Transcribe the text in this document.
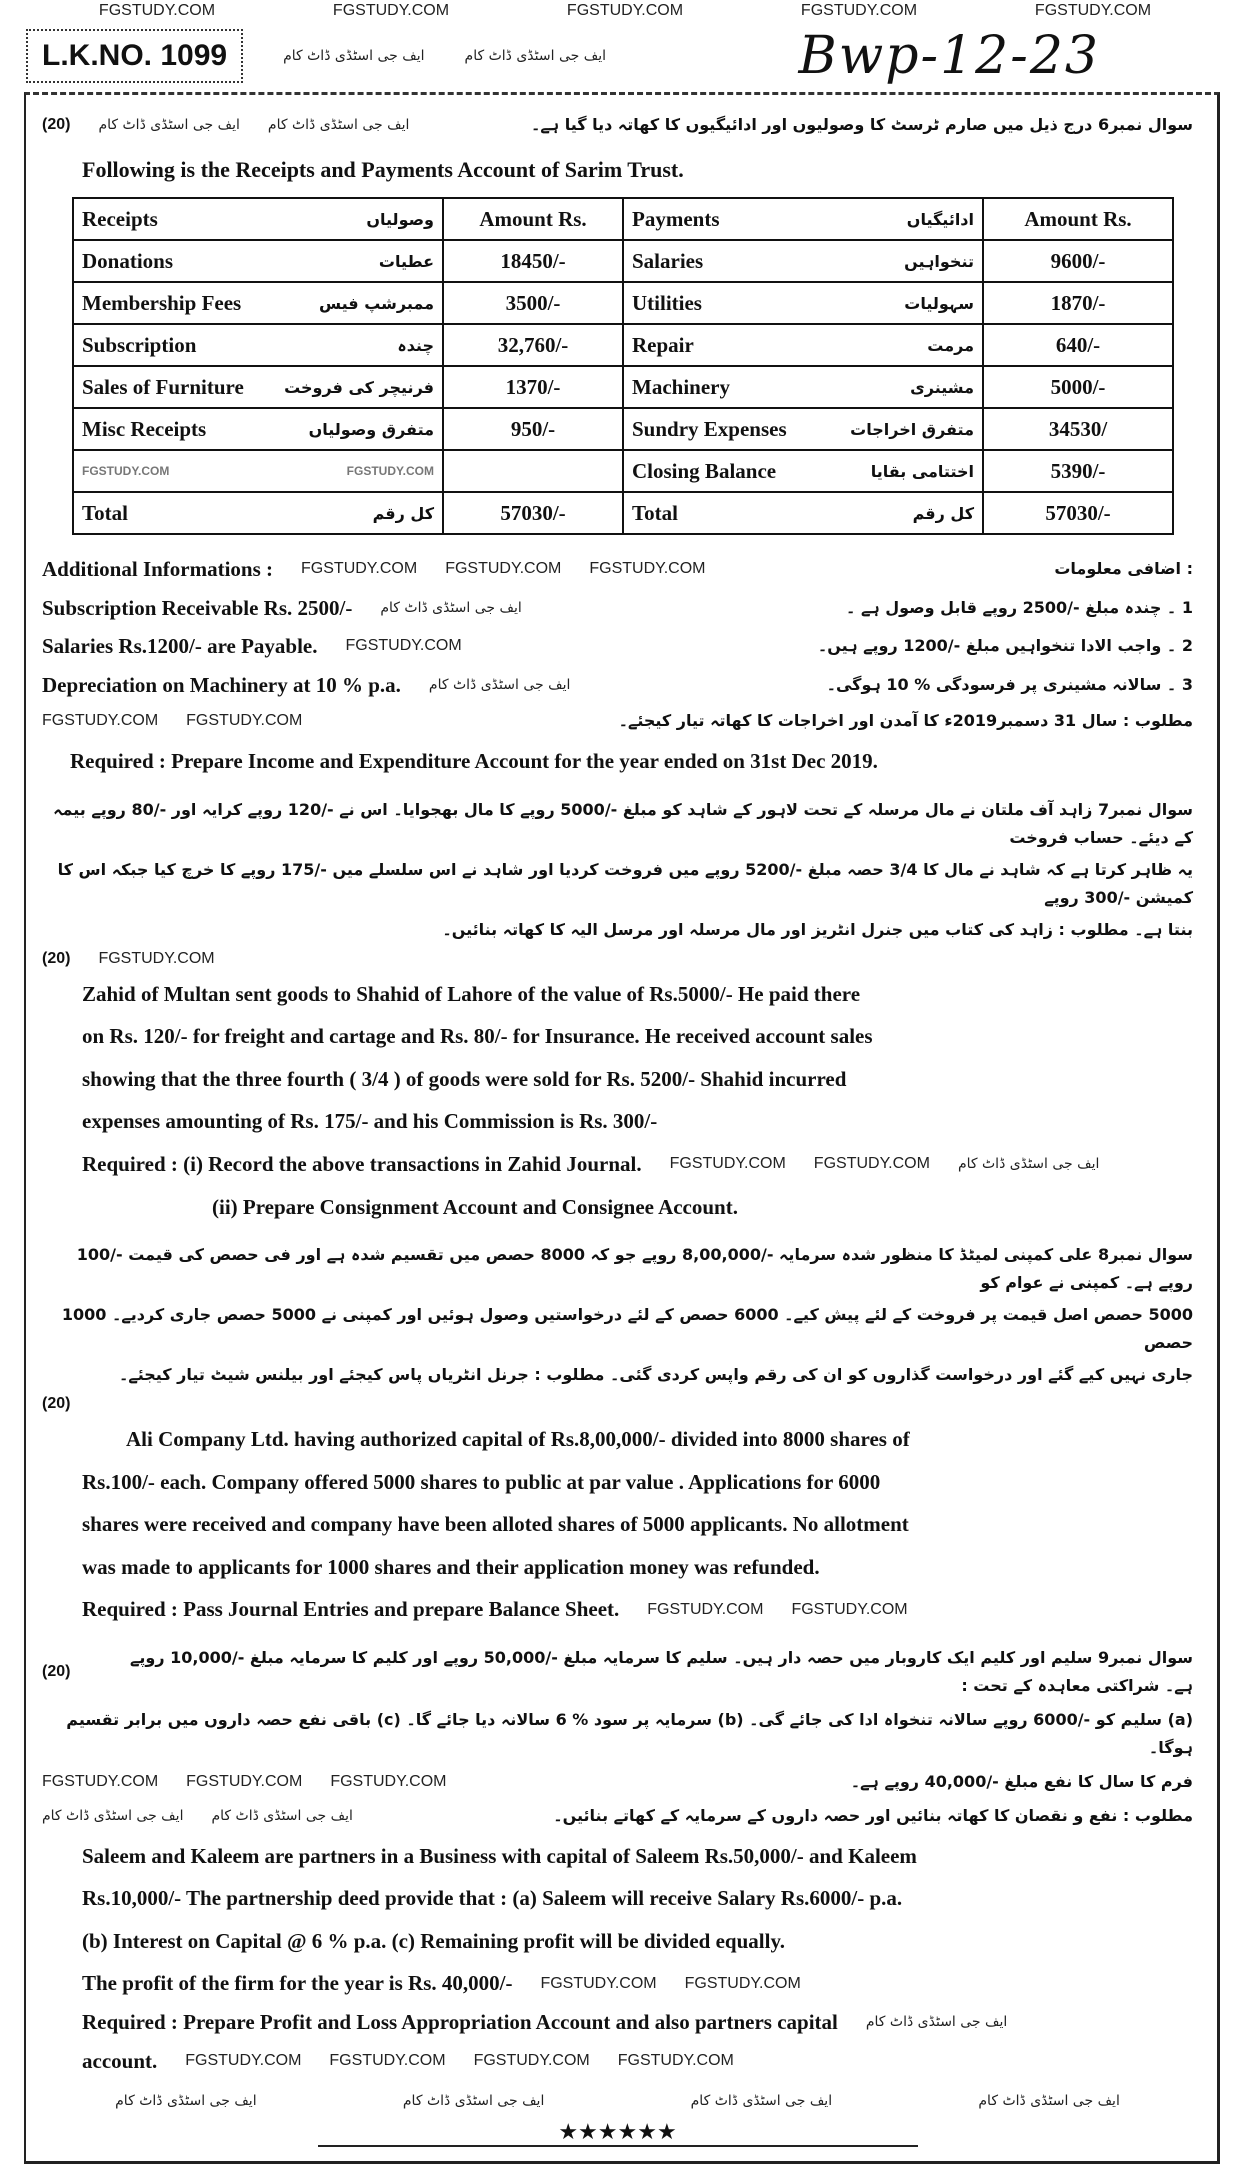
FGSTUDY.COM	FGSTUDY.COM	FGSTUDY.COM	FGSTUDY.COM	FGSTUDY.COM
L.K.NO. 1099	ایف جی اسٹڈی ڈاٹ کام	ایف جی اسٹڈی ڈاٹ کام	Bwp-12-23
(20) ایف جی اسٹڈی ڈاٹ کام ایف جی اسٹڈی ڈاٹ کام	سوال نمبر6 درج ذیل میں صارم ٹرسٹ کا وصولیوں اور ادائیگیوں کا کھاتہ دیا گیا ہے۔
Following is the Receipts and Payments Account of Sarim Trust.
Receipts وصولیاں	Amount Rs.	Payments ادائیگیاں	Amount Rs.

Donations عطیات	18450/-	Salaries تنخواہیں	9600/-

Membership Fees ممبرشپ فیس	3500/-	Utilities سہولیات	1870/-

Subscription چندہ	32,760/-	Repair مرمت	640/-

Sales of Furniture فرنیچر کی فروخت	1370/-	Machinery مشینری	5000/-

Misc Receipts متفرق وصولیاں	950/-	Sundry Expenses متفرق اخراجات	34530/

FGSTUDY.COM FGSTUDY.COM		Closing Balance اختتامی بقایا	5390/-

Total کل رقم	57030/-	Total کل رقم	57030/-
Additional Informations : FGSTUDY.COM FGSTUDY.COM FGSTUDY.COM	: اضافی معلومات
Subscription Receivable Rs. 2500/- ایف جی اسٹڈی ڈاٹ کام	1 ۔ چندہ مبلغ -/2500 روپے قابل وصول ہے ۔
Salaries Rs.1200/- are Payable. FGSTUDY.COM	2 ۔ واجب الادا تنخواہیں مبلغ -/1200 روپے ہیں۔
Depreciation on Machinery at 10 % p.a. ایف جی اسٹڈی ڈاٹ کام	3 ۔ سالانہ مشینری پر فرسودگی % 10 ہوگی۔
FGSTUDY.COM FGSTUDY.COM	مطلوب : سال 31 دسمبر2019ء کا آمدن اور اخراجات کا کھاتہ تیار کیجئے۔
Required : Prepare Income and Expenditure Account for the year ended on 31st Dec 2019.
سوال نمبر7 زاہد آف ملتان نے مال مرسلہ کے تحت لاہور کے شاہد کو مبلغ -/5000 روپے کا مال بھجوایا۔ اس نے -/120 روپے کرایہ اور -/80 روپے بیمہ کے دیئے۔ حساب فروخت
یہ ظاہر کرتا ہے کہ شاہد نے مال کا 3/4 حصہ مبلغ -/5200 روپے میں فروخت کردیا اور شاہد نے اس سلسلے میں -/175 روپے کا خرچ کیا جبکہ اس کا کمیشن -/300 روپے
بنتا ہے۔ مطلوب : زاہد کی کتاب میں جنرل انٹریز اور مال مرسلہ اور مرسل الیہ کا کھاتہ بنائیں۔
(20) FGSTUDY.COM
Zahid of Multan sent goods to Shahid of Lahore of the value of Rs.5000/- He paid there
on Rs. 120/- for freight and cartage and Rs. 80/- for Insurance. He received account sales
showing that the three fourth ( 3/4 ) of goods were sold for Rs. 5200/- Shahid incurred
expenses amounting of Rs. 175/- and his Commission is Rs. 300/-
Required : (i) Record the above transactions in Zahid Journal. FGSTUDY.COM FGSTUDY.COM ایف جی اسٹڈی ڈاٹ کام
(ii) Prepare Consignment Account and Consignee Account.
سوال نمبر8 علی کمپنی لمیٹڈ کا منظور شدہ سرمایہ -/8,00,000 روپے جو کہ 8000 حصص میں تقسیم شدہ ہے اور فی حصص کی قیمت -/100 روپے ہے۔ کمپنی نے عوام کو
5000 حصص اصل قیمت پر فروخت کے لئے پیش کیے۔ 6000 حصص کے لئے درخواستیں وصول ہوئیں اور کمپنی نے 5000 حصص جاری کردیے۔ 1000 حصص
جاری نہیں کیے گئے اور درخواست گذاروں کو ان کی رقم واپس کردی گئی۔ مطلوب : جرنل انٹریاں پاس کیجئے اور بیلنس شیٹ تیار کیجئے۔
(20)
Ali Company Ltd. having authorized capital of Rs.8,00,000/- divided into 8000 shares of
Rs.100/- each. Company offered 5000 shares to public at par value . Applications for 6000
shares were received and company have been alloted shares of 5000 applicants. No allotment
was made to applicants for 1000 shares and their application money was refunded.
Required : Pass Journal Entries and prepare Balance Sheet. FGSTUDY.COM FGSTUDY.COM
(20)
سوال نمبر9 سلیم اور کلیم ایک کاروبار میں حصہ دار ہیں۔ سلیم کا سرمایہ مبلغ -/50,000 روپے اور کلیم کا سرمایہ مبلغ -/10,000 روپے ہے۔ شراکتی معاہدہ کے تحت :
(a) سلیم کو -/6000 روپے سالانہ تنخواہ ادا کی جائے گی۔ (b) سرمایہ پر سود % 6 سالانہ دیا جائے گا۔ (c) باقی نفع حصہ داروں میں برابر تقسیم ہوگا۔
FGSTUDY.COM FGSTUDY.COM FGSTUDY.COM	فرم کا سال کا نفع مبلغ -/40,000 روپے ہے۔
ایف جی اسٹڈی ڈاٹ کام ایف جی اسٹڈی ڈاٹ کام	مطلوب : نفع و نقصان کا کھاتہ بنائیں اور حصہ داروں کے سرمایہ کے کھاتے بنائیں۔
Saleem and Kaleem are partners in a Business with capital of Saleem Rs.50,000/- and Kaleem
Rs.10,000/- The partnership deed provide that : (a) Saleem will receive Salary Rs.6000/- p.a.
(b) Interest on Capital @ 6 % p.a. (c) Remaining profit will be divided equally.
The profit of the firm for the year is Rs. 40,000/- FGSTUDY.COM FGSTUDY.COM
Required : Prepare Profit and Loss Appropriation Account and also partners capital ایف جی اسٹڈی ڈاٹ کام
account. FGSTUDY.COM FGSTUDY.COM FGSTUDY.COM FGSTUDY.COM
ایف جی اسٹڈی ڈاٹ کام	ایف جی اسٹڈی ڈاٹ کام	ایف جی اسٹڈی ڈاٹ کام	ایف جی اسٹڈی ڈاٹ کام
★★★★★★
